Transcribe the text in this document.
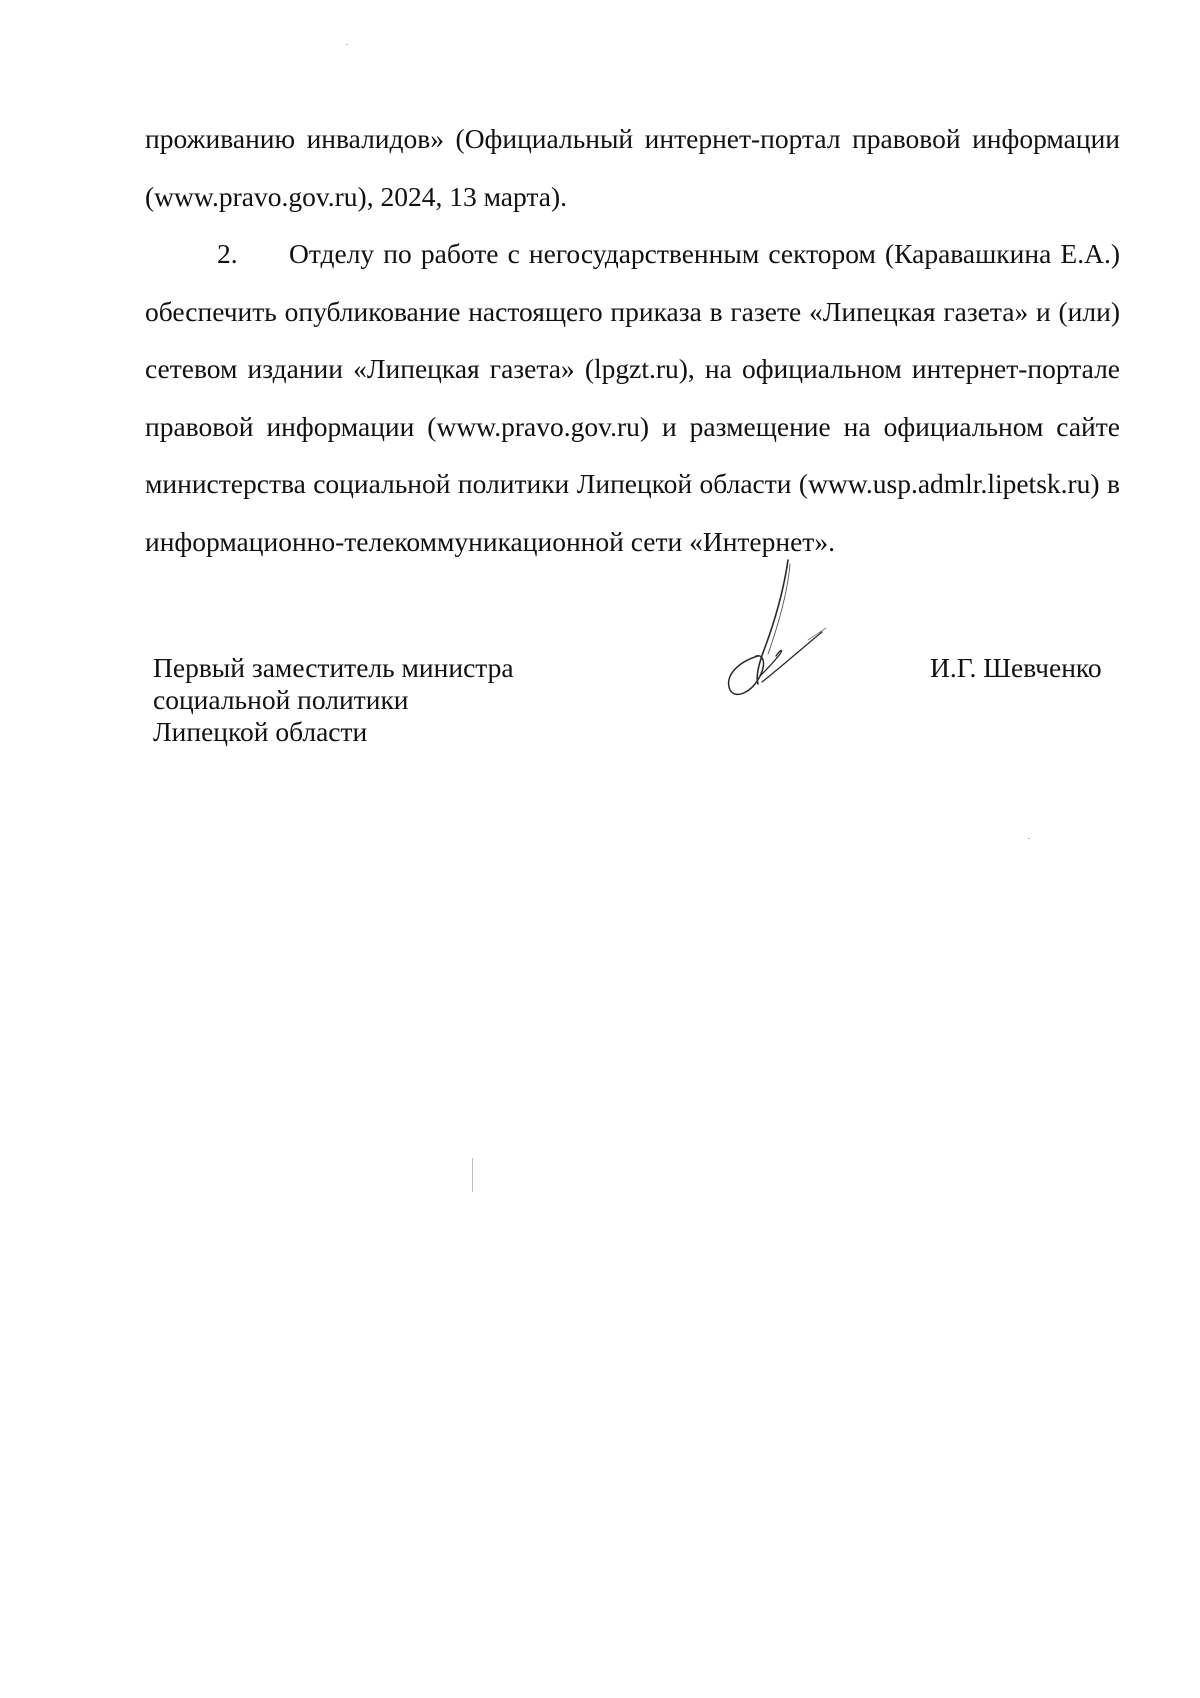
проживанию инвалидов» (Официальный интернет-портал правовой информации (www.pravo.gov.ru), 2024, 13 марта).

2. Отделу по работе с негосударственным сектором (Каравашкина Е.А.) обеспечить опубликование настоящего приказа в газете «Липецкая газета» и (или) сетевом издании «Липецкая газета» (lpgzt.ru), на официальном интернет-портале правовой информации (www.pravo.gov.ru) и размещение на официальном сайте министерства социальной политики Липецкой области (www.usp.admlr.lipetsk.ru) в информационно-телекоммуникационной сети «Интернет».

Первый заместитель министра
социальной политики
Липецкой области
И.Г. Шевченко
